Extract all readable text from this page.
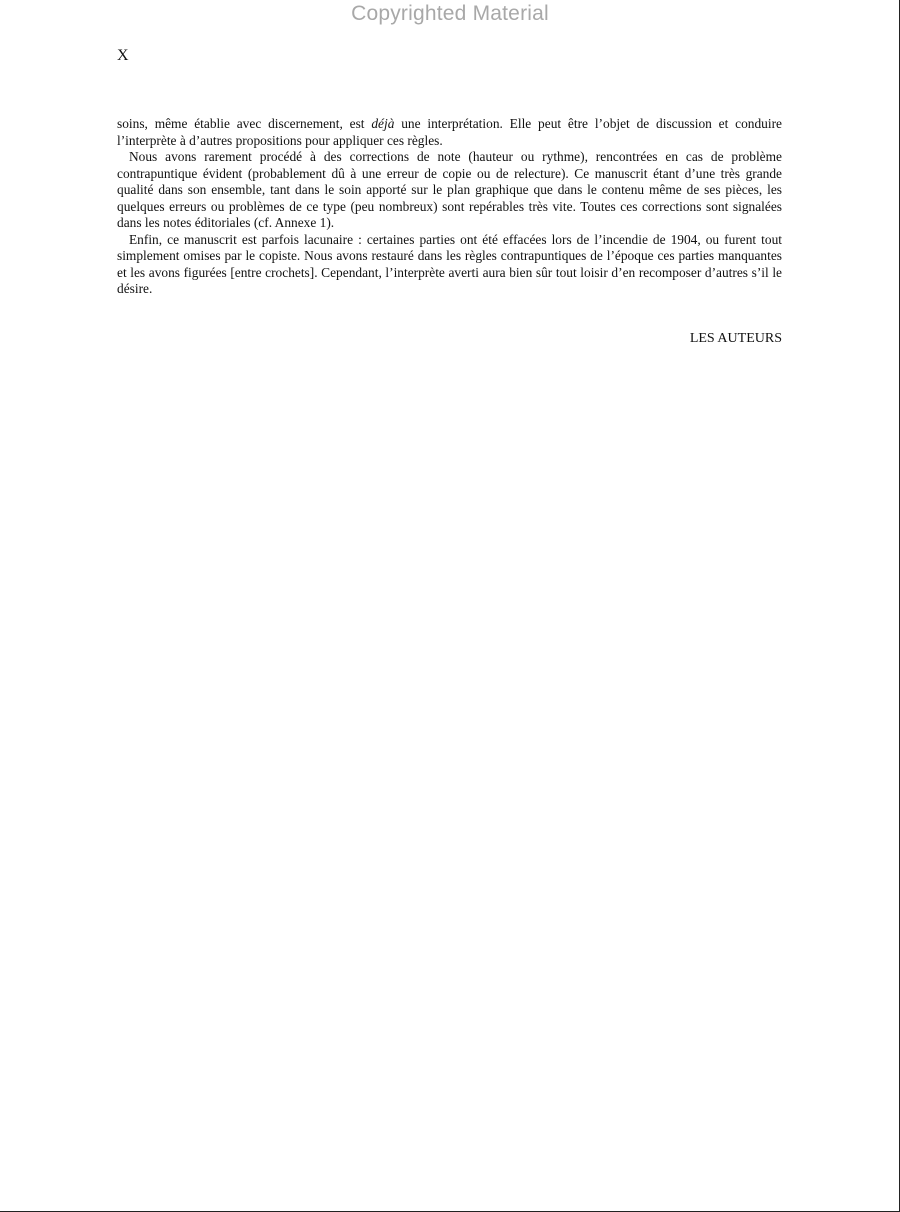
Copyrighted Material
X

soins, même établie avec discernement, est déjà une interprétation. Elle peut être l’objet de discussion et conduire l’interprète à d’autres propositions pour appliquer ces règles.

Nous avons rarement procédé à des corrections de note (hauteur ou rythme), rencontrées en cas de problème contrapuntique évident (probablement dû à une erreur de copie ou de relecture). Ce manuscrit étant d’une très grande qualité dans son ensemble, tant dans le soin apporté sur le plan graphique que dans le contenu même de ses pièces, les quelques erreurs ou problèmes de ce type (peu nombreux) sont repérables très vite. Toutes ces corrections sont signalées dans les notes éditoriales (cf. Annexe 1).

Enfin, ce manuscrit est parfois lacunaire : certaines parties ont été effacées lors de l’incendie de 1904, ou furent tout simplement omises par le copiste. Nous avons restauré dans les règles contrapuntiques de l’époque ces parties manquantes et les avons figurées [entre crochets]. Cependant, l’interprète averti aura bien sûr tout loisir d’en recomposer d’autres s’il le désire.

LES AUTEURS
